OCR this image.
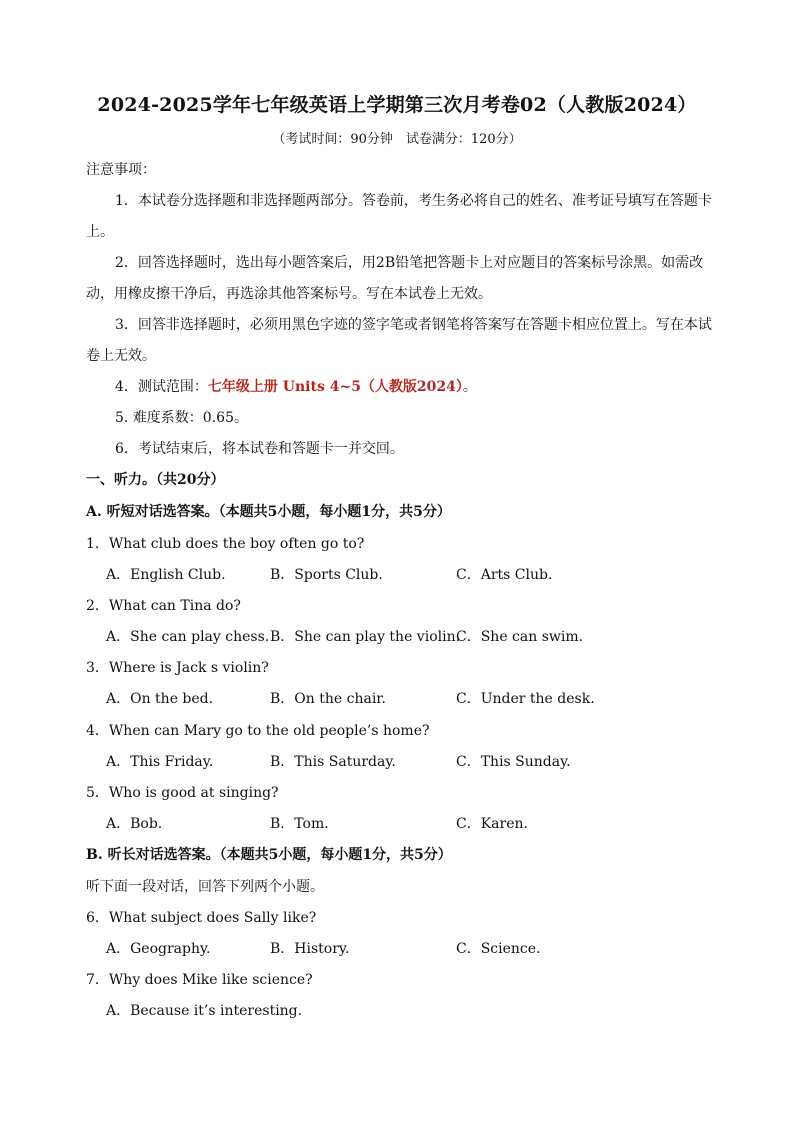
2024-2025学年七年级英语上学期第三次月考卷02（人教版2024）
（考试时间：90分钟　试卷满分：120分）
注意事项：
1．本试卷分选择题和非选择题两部分。答卷前，考生务必将自己的姓名、准考证号填写在答题卡
上。
2．回答选择题时，选出每小题答案后，用2B铅笔把答题卡上对应题目的答案标号涂黑。如需改
动，用橡皮擦干净后，再选涂其他答案标号。写在本试卷上无效。
3．回答非选择题时，必须用黑色字迹的签字笔或者钢笔将答案写在答题卡相应位置上。写在本试
卷上无效。
4．测试范围：七年级上册 Units 4~5（人教版2024）。
5. 难度系数：0.65。
6．考试结束后，将本试卷和答题卡一并交回。
一、听力。（共20分）
A. 听短对话选答案。（本题共5小题，每小题1分，共5分）
1．What club does the boy often go to?
A．English Club.	B．Sports Club.	C．Arts Club.
2．What can Tina do?
A．She can play chess. B．She can play the violin.
C．She can swim.
3．Where is Jack s violin?
A．On the bed.	B．On the chair.	C．Under the desk.
4．When can Mary go to the old people’s home?
A．This Friday.	B．This Saturday.	C．This Sunday.
5．Who is good at singing?
A．Bob.	B．Tom.	C．Karen.
B. 听长对话选答案。（本题共5小题，每小题1分，共5分）
听下面一段对话，回答下列两个小题。
6．What subject does Sally like?
A．Geography.	B．History.	C．Science.
7．Why does Mike like science?
A．Because it’s interesting.
